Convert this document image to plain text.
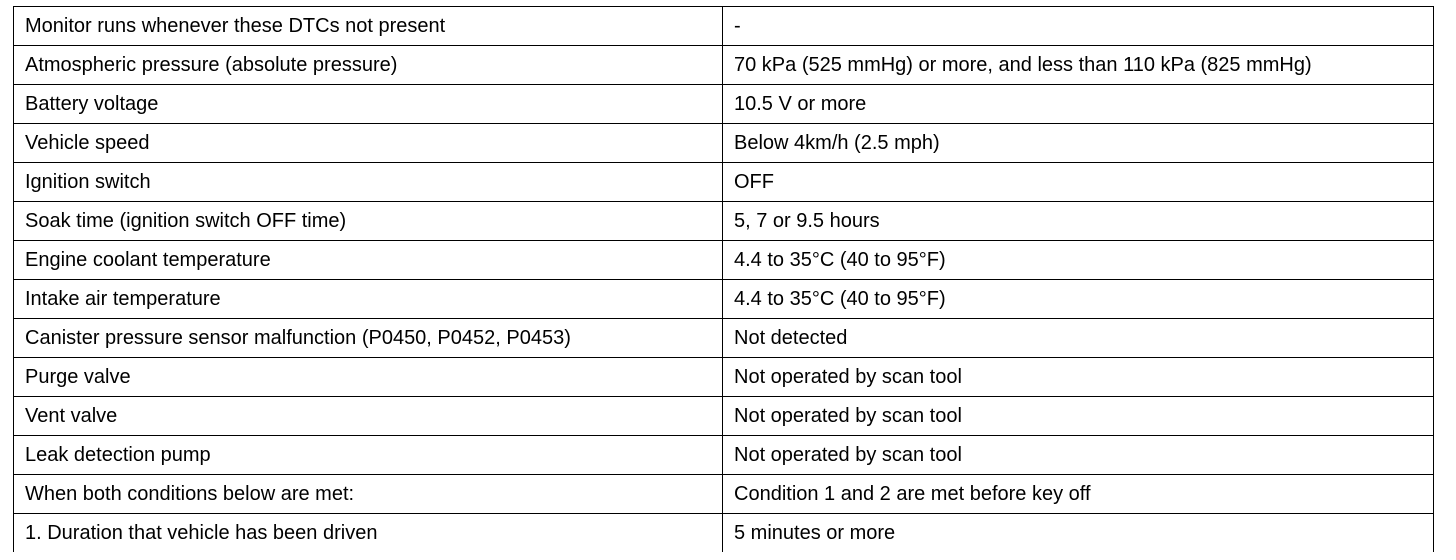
Monitor runs whenever these DTCs not present	-
Atmospheric pressure (absolute pressure)	70 kPa (525 mmHg) or more, and less than 110 kPa (825 mmHg)
Battery voltage	10.5 V or more
Vehicle speed	Below 4km/h (2.5 mph)
Ignition switch	OFF
Soak time (ignition switch OFF time)	5, 7 or 9.5 hours
Engine coolant temperature	4.4 to 35°C (40 to 95°F)
Intake air temperature	4.4 to 35°C (40 to 95°F)
Canister pressure sensor malfunction (P0450, P0452, P0453)	Not detected
Purge valve	Not operated by scan tool
Vent valve	Not operated by scan tool
Leak detection pump	Not operated by scan tool
When both conditions below are met:	Condition 1 and 2 are met before key off
1. Duration that vehicle has been driven	5 minutes or more
